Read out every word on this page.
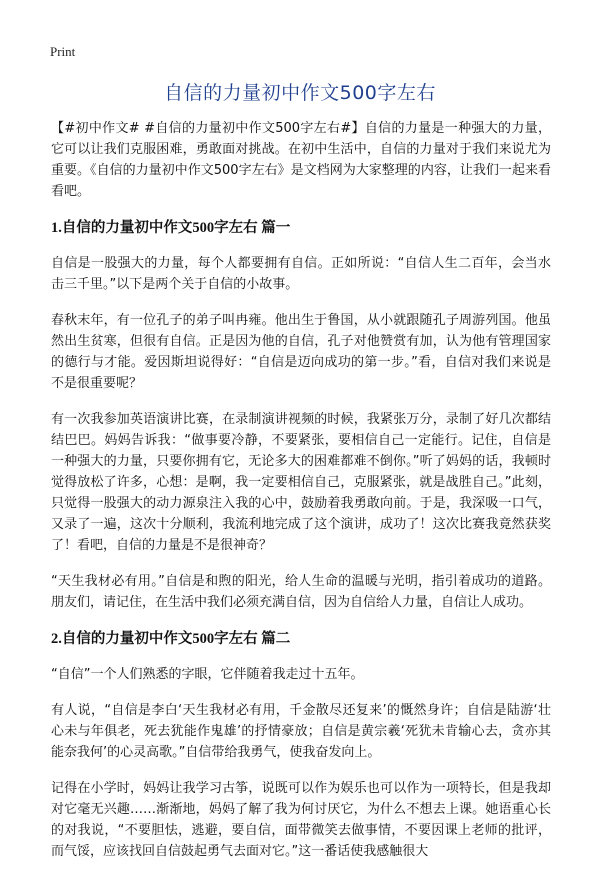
Print
自信的力量初中作文500字左右

【#初中作文# #自信的力量初中作文500字左右#】自信的力量是一种强大的力量，它可以让我们克服困难，勇敢面对挑战。在初中生活中，自信的力量对于我们来说尤为重要。《自信的力量初中作文500字左右》是文档网为大家整理的内容，让我们一起来看看吧。

1.自信的力量初中作文500字左右 篇一

自信是一股强大的力量，每个人都要拥有自信。正如所说：“自信人生二百年，会当水击三千里。”以下是两个关于自信的小故事。

春秋末年，有一位孔子的弟子叫冉雍。他出生于鲁国，从小就跟随孔子周游列国。他虽然出生贫寒，但很有自信。正是因为他的自信，孔子对他赞赏有加，认为他有管理国家的德行与才能。爱因斯坦说得好：“自信是迈向成功的第一步。”看，自信对我们来说是不是很重要呢？

有一次我参加英语演讲比赛，在录制演讲视频的时候，我紧张万分，录制了好几次都结结巴巴。妈妈告诉我：“做事要冷静，不要紧张，要相信自己一定能行。记住，自信是一种强大的力量，只要你拥有它，无论多大的困难都难不倒你。”听了妈妈的话，我顿时觉得放松了许多，心想：是啊，我一定要相信自己，克服紧张，就是战胜自己。”此刻，只觉得一股强大的动力源泉注入我的心中，鼓励着我勇敢向前。于是，我深吸一口气，又录了一遍，这次十分顺利，我流利地完成了这个演讲，成功了！这次比赛我竟然获奖了！看吧，自信的力量是不是很神奇？

“天生我材必有用。”自信是和煦的阳光，给人生命的温暖与光明，指引着成功的道路。朋友们，请记住，在生活中我们必须充满自信，因为自信给人力量，自信让人成功。

2.自信的力量初中作文500字左右 篇二

“自信”一个人们熟悉的字眼，它伴随着我走过十五年。

有人说，“自信是李白‘天生我材必有用，千金散尽还复来’的慨然身许；自信是陆游‘壮心未与年俱老，死去犹能作鬼雄’的抒情豪放；自信是黄宗羲‘死犹未肯输心去，贪亦其能奈我何’的心灵高歌。”自信带给我勇气，使我奋发向上。

记得在小学时，妈妈让我学习古筝，说既可以作为娱乐也可以作为一项特长，但是我却对它毫无兴趣……渐渐地，妈妈了解了我为何讨厌它，为什么不想去上课。她语重心长的对我说，“不要胆怯，逃避，要自信，面带微笑去做事情，不要因课上老师的批评，而气馁，应该找回自信鼓起勇气去面对它。”这一番话使我感触很大
